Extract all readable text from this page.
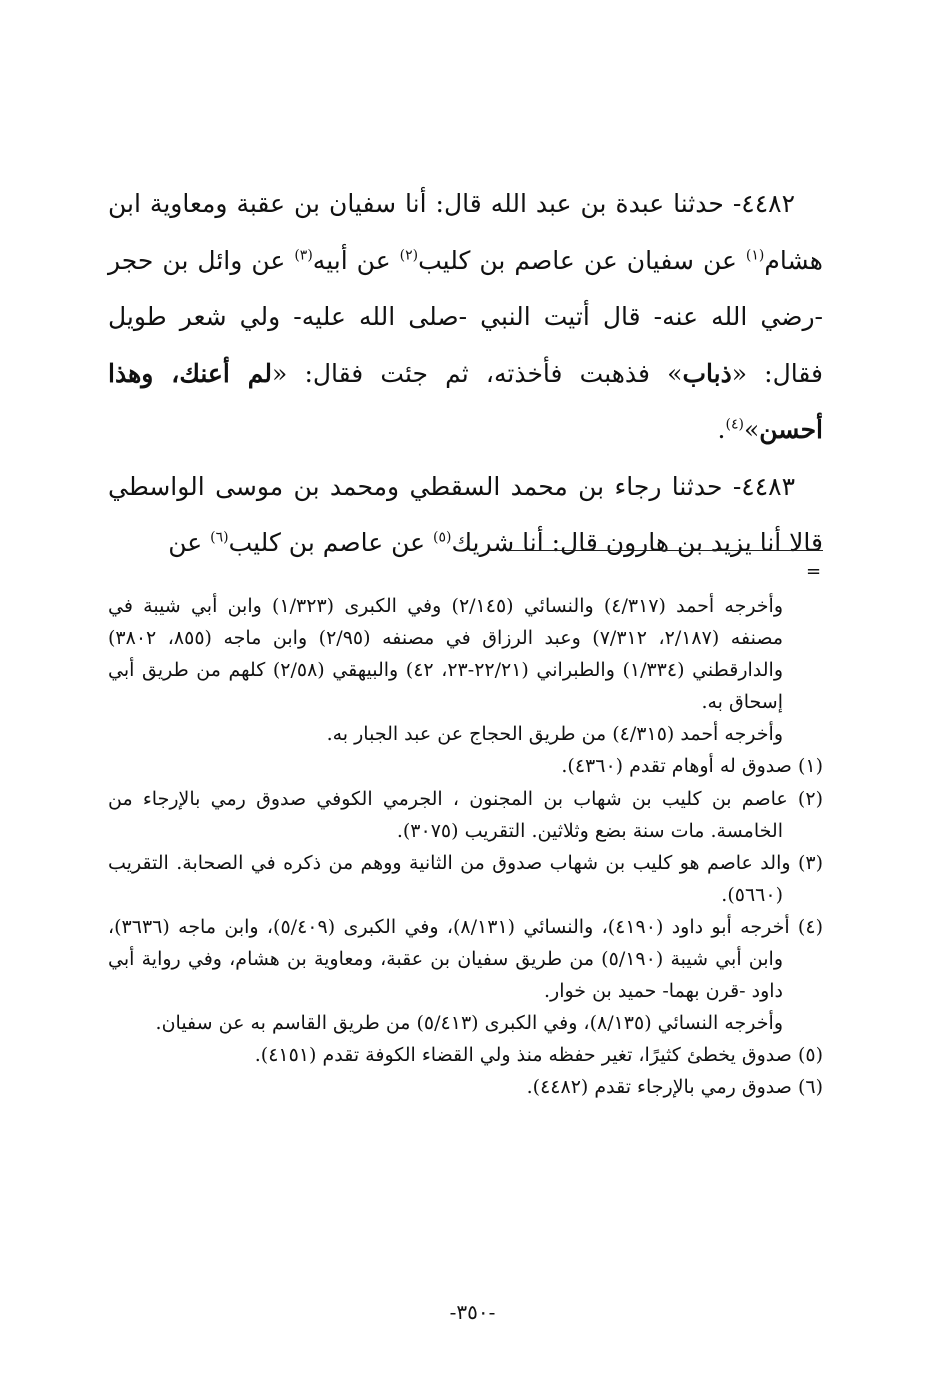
٤٤٨٢- حدثنا عبدة بن عبد الله قال: أنا سفيان بن عقبة ومعاوية ابن هشام$^{(١)}$ عن سفيان عن عاصم بن كليب$^{(٢)}$ عن أبيه$^{(٣)}$ عن وائل بن حجر -رضي الله عنه- قال أتيت النبي -صلى الله عليه- ولي شعر طويل فقال: «ذباب» فذهبت فأخذته، ثم جئت فقال: «لم أعنك، وهذا أحسن»$^{(٤)}$.

٤٤٨٣- حدثنا رجاء بن محمد السقطي ومحمد بن موسى الواسطي قالا أنا يزيد بن هارون قال: أنا شريك$^{(٥)}$ عن عاصم بن كليب$^{(٦)}$ عن

=

وأخرجه أحمد (٤/٣١٧) والنسائي (٢/١٤٥) وفي الكبرى (١/٣٢٣) وابن أبي شيبة في مصنفه (٢/١٨٧، ٧/٣١٢) وعبد الرزاق في مصنفه (٢/٩٥) وابن ماجه (٨٥٥، ٣٨٠٢) والدارقطني (١/٣٣٤) والطبراني (٢٢/٢١-٢٣، ٤٢) والبيهقي (٢/٥٨) كلهم من طريق أبي إسحاق به.

وأخرجه أحمد (٤/٣١٥) من طريق الحجاج عن عبد الجبار به.

(١) صدوق له أوهام تقدم (٤٣٦٠).

(٢) عاصم بن كليب بن شهاب بن المجنون ، الجرمي الكوفي صدوق رمي بالإرجاء من الخامسة. مات سنة بضع وثلاثين. التقريب (٣٠٧٥).

(٣) والد عاصم هو كليب بن شهاب صدوق من الثانية ووهم من ذكره في الصحابة. التقريب (٥٦٦٠).

(٤) أخرجه أبو داود (٤١٩٠)، والنسائي (٨/١٣١)، وفي الكبرى (٥/٤٠٩)، وابن ماجه (٣٦٣٦)، وابن أبي شيبة (٥/١٩٠) من طريق سفيان بن عقبة، ومعاوية بن هشام، وفي رواية أبي داود -قرن بهما- حميد بن خوار.

وأخرجه النسائي (٨/١٣٥)، وفي الكبرى (٥/٤١٣) من طريق القاسم به عن سفيان.

(٥) صدوق يخطئ كثيرًا، تغير حفظه منذ ولي القضاء الكوفة تقدم (٤١٥١).

(٦) صدوق رمي بالإرجاء تقدم (٤٤٨٢).

-٣٥٠-
